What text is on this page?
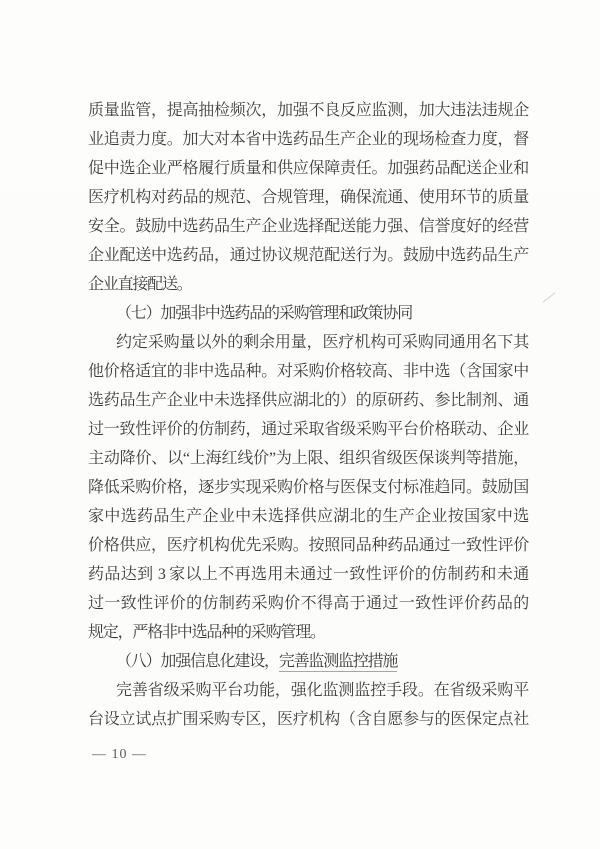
质量监管，提高抽检频次，加强不良反应监测，加大违法违规企
业追责力度。加大对本省中选药品生产企业的现场检查力度，督
促中选企业严格履行质量和供应保障责任。加强药品配送企业和
医疗机构对药品的规范、合规管理，确保流通、使用环节的质量
安全。鼓励中选药品生产企业选择配送能力强、信誉度好的经营
企业配送中选药品，通过协议规范配送行为。鼓励中选药品生产
企业直接配送。
（七）加强非中选药品的采购管理和政策协同
约定采购量以外的剩余用量，医疗机构可采购同通用名下其
他价格适宜的非中选品种。对采购价格较高、非中选（含国家中
选药品生产企业中未选择供应湖北的）的原研药、参比制剂、通
过一致性评价的仿制药，通过采取省级采购平台价格联动、企业
主动降价、以“上海红线价”为上限、组织省级医保谈判等措施，
降低采购价格，逐步实现采购价格与医保支付标准趋同。鼓励国
家中选药品生产企业中未选择供应湖北的生产企业按国家中选
价格供应，医疗机构优先采购。按照同品种药品通过一致性评价
药品达到 3 家以上不再选用未通过一致性评价的仿制药和未通
过一致性评价的仿制药采购价不得高于通过一致性评价药品的
规定，严格非中选品种的采购管理。
（八）加强信息化建设，完善监测监控措施
完善省级采购平台功能，强化监测监控手段。在省级采购平
台设立试点扩围采购专区，医疗机构（含自愿参与的医保定点社
— 10 —
